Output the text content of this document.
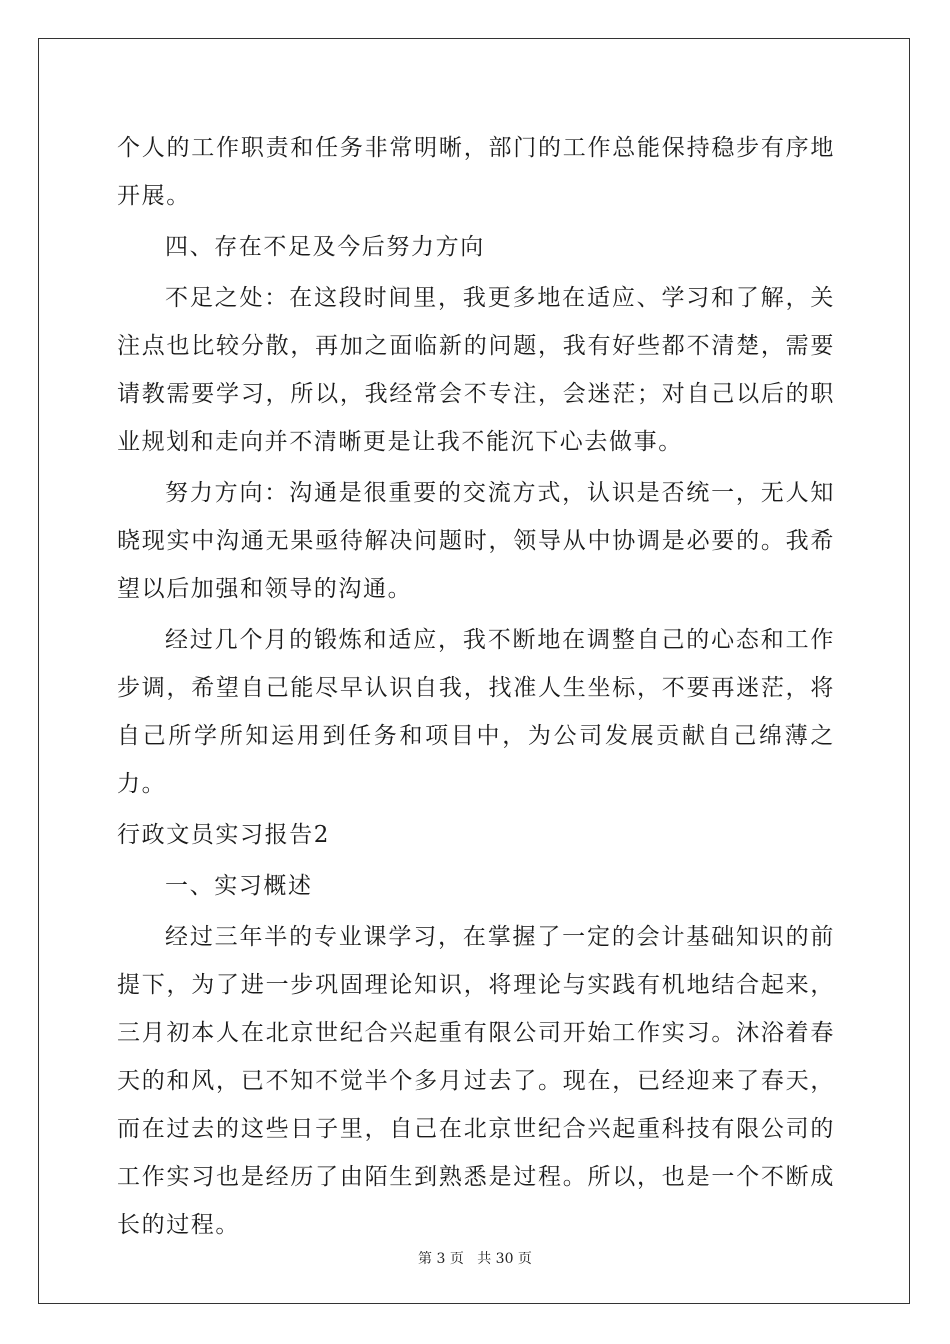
个人的工作职责和任务非常明晰，部门的工作总能保持稳步有序地开展。

四、存在不足及今后努力方向

不足之处：在这段时间里，我更多地在适应、学习和了解，关注点也比较分散，再加之面临新的问题，我有好些都不清楚，需要请教需要学习，所以，我经常会不专注，会迷茫；对自己以后的职业规划和走向并不清晰更是让我不能沉下心去做事。

努力方向：沟通是很重要的交流方式，认识是否统一，无人知晓现实中沟通无果亟待解决问题时，领导从中协调是必要的。我希望以后加强和领导的沟通。

经过几个月的锻炼和适应，我不断地在调整自己的心态和工作步调，希望自己能尽早认识自我，找准人生坐标，不要再迷茫，将自己所学所知运用到任务和项目中，为公司发展贡献自己绵薄之力。

行政文员实习报告2

一、实习概述

经过三年半的专业课学习，在掌握了一定的会计基础知识的前提下，为了进一步巩固理论知识，将理论与实践有机地结合起来，三月初本人在北京世纪合兴起重有限公司开始工作实习。沐浴着春天的和风，已不知不觉半个多月过去了。现在，已经迎来了春天，而在过去的这些日子里，自己在北京世纪合兴起重科技有限公司的工作实习也是经历了由陌生到熟悉是过程。所以，也是一个不断成长的过程。

第 3 页 共 30 页
